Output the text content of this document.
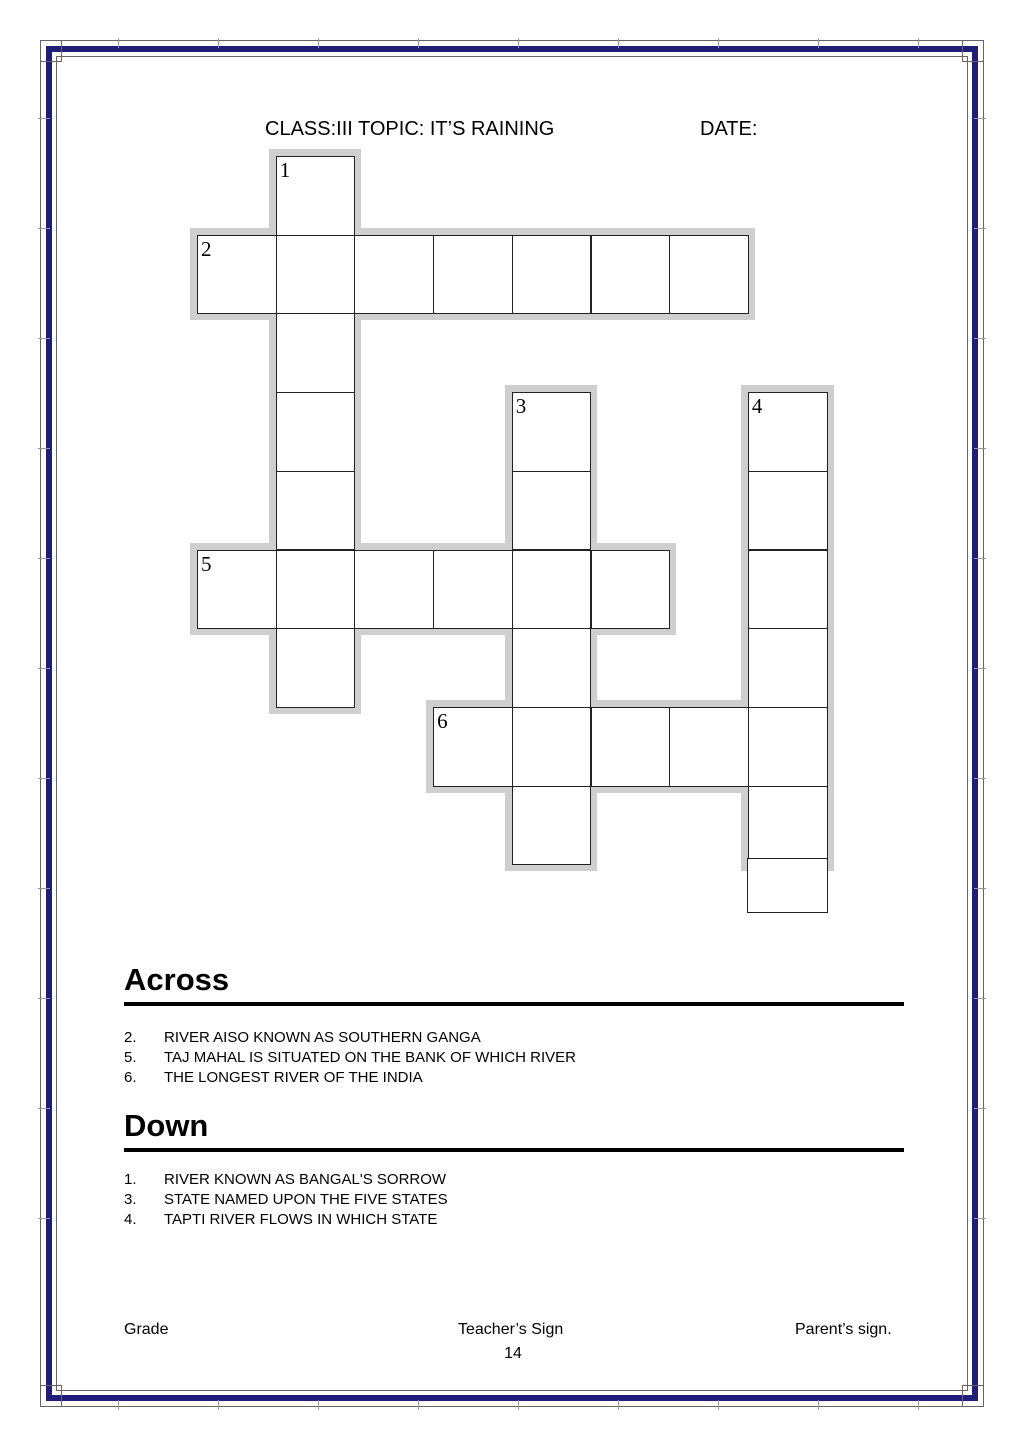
CLASS:III TOPIC: IT’S RAINING	DATE:
1
2
3	4
5
6
Across
2.	RIVER AISO KNOWN AS SOUTHERN GANGA
5.	TAJ MAHAL IS SITUATED ON THE BANK OF WHICH RIVER
6.	THE LONGEST RIVER OF THE INDIA
Down
1.	RIVER KNOWN AS BANGAL'S SORROW
3.	STATE NAMED UPON THE FIVE STATES
4.	TAPTI RIVER FLOWS IN WHICH STATE
Grade	Teacher’s Sign	Parent’s sign.
14
